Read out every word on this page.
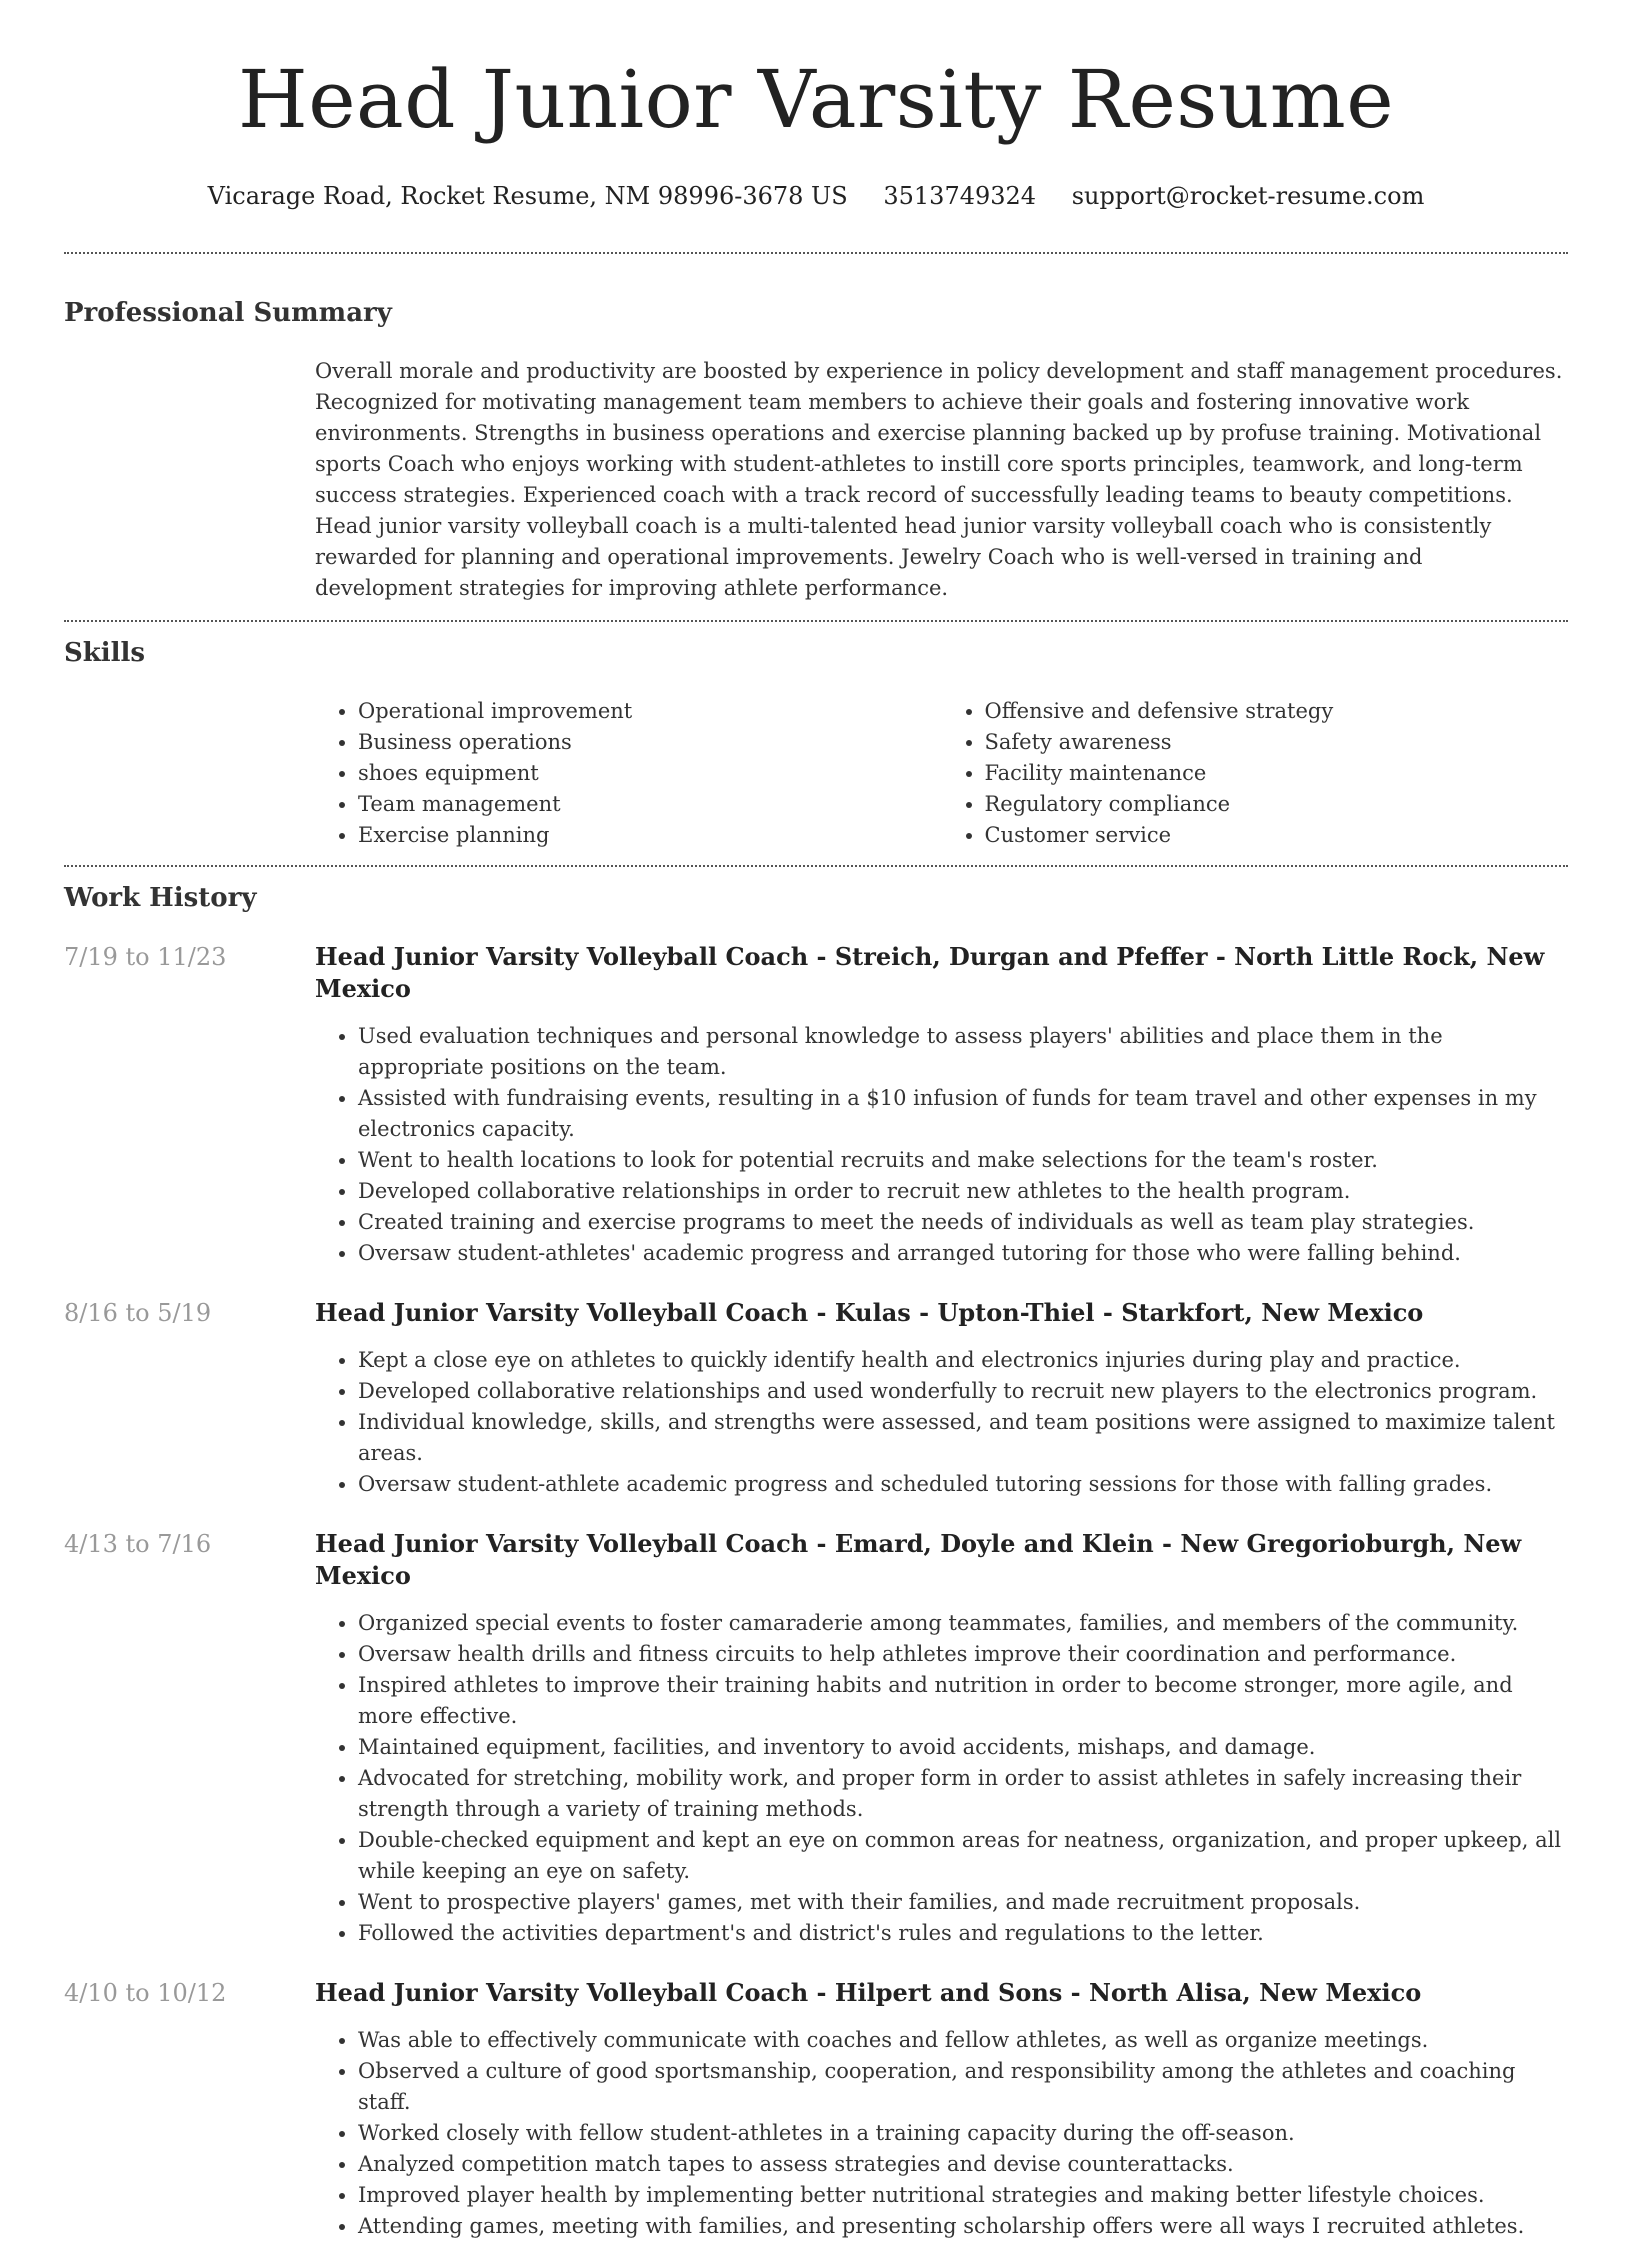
Head Junior Varsity Resume
Vicarage Road, Rocket Resume, NM 98996-3678 US 3513749324 support@rocket-resume.com
Professional Summary
Overall morale and productivity are boosted by experience in policy development and staff management procedures. Recognized for motivating management team members to achieve their goals and fostering innovative work environments. Strengths in business operations and exercise planning backed up by profuse training. Motivational sports Coach who enjoys working with student-athletes to instill core sports principles, teamwork, and long-term success strategies. Experienced coach with a track record of successfully leading teams to beauty competitions. Head junior varsity volleyball coach is a multi-talented head junior varsity volleyball coach who is consistently rewarded for planning and operational improvements. Jewelry Coach who is well-versed in training and development strategies for improving athlete performance.
Skills
• Operational improvement
• Business operations
• shoes equipment
• Team management
• Exercise planning
• Offensive and defensive strategy
• Safety awareness
• Facility maintenance
• Regulatory compliance
• Customer service
Work History
7/19 to 11/23	Head Junior Varsity Volleyball Coach - Streich, Durgan and Pfeffer - North Little Rock, New Mexico
• Used evaluation techniques and personal knowledge to assess players' abilities and place them in the appropriate positions on the team.
• Assisted with fundraising events, resulting in a $10 infusion of funds for team travel and other expenses in my electronics capacity.
• Went to health locations to look for potential recruits and make selections for the team's roster.
• Developed collaborative relationships in order to recruit new athletes to the health program.
• Created training and exercise programs to meet the needs of individuals as well as team play strategies.
• Oversaw student-athletes' academic progress and arranged tutoring for those who were falling behind.
8/16 to 5/19	Head Junior Varsity Volleyball Coach - Kulas - Upton-Thiel - Starkfort, New Mexico
• Kept a close eye on athletes to quickly identify health and electronics injuries during play and practice.
• Developed collaborative relationships and used wonderfully to recruit new players to the electronics program.
• Individual knowledge, skills, and strengths were assessed, and team positions were assigned to maximize talent areas.
• Oversaw student-athlete academic progress and scheduled tutoring sessions for those with falling grades.
4/13 to 7/16	Head Junior Varsity Volleyball Coach - Emard, Doyle and Klein - New Gregorioburgh, New Mexico
• Organized special events to foster camaraderie among teammates, families, and members of the community.
• Oversaw health drills and fitness circuits to help athletes improve their coordination and performance.
• Inspired athletes to improve their training habits and nutrition in order to become stronger, more agile, and more effective.
• Maintained equipment, facilities, and inventory to avoid accidents, mishaps, and damage.
• Advocated for stretching, mobility work, and proper form in order to assist athletes in safely increasing their strength through a variety of training methods.
• Double-checked equipment and kept an eye on common areas for neatness, organization, and proper upkeep, all while keeping an eye on safety.
• Went to prospective players' games, met with their families, and made recruitment proposals.
• Followed the activities department's and district's rules and regulations to the letter.
4/10 to 10/12	Head Junior Varsity Volleyball Coach - Hilpert and Sons - North Alisa, New Mexico
• Was able to effectively communicate with coaches and fellow athletes, as well as organize meetings.
• Observed a culture of good sportsmanship, cooperation, and responsibility among the athletes and coaching staff.
• Worked closely with fellow student-athletes in a training capacity during the off-season.
• Analyzed competition match tapes to assess strategies and devise counterattacks.
• Improved player health by implementing better nutritional strategies and making better lifestyle choices.
• Attending games, meeting with families, and presenting scholarship offers were all ways I recruited athletes.
